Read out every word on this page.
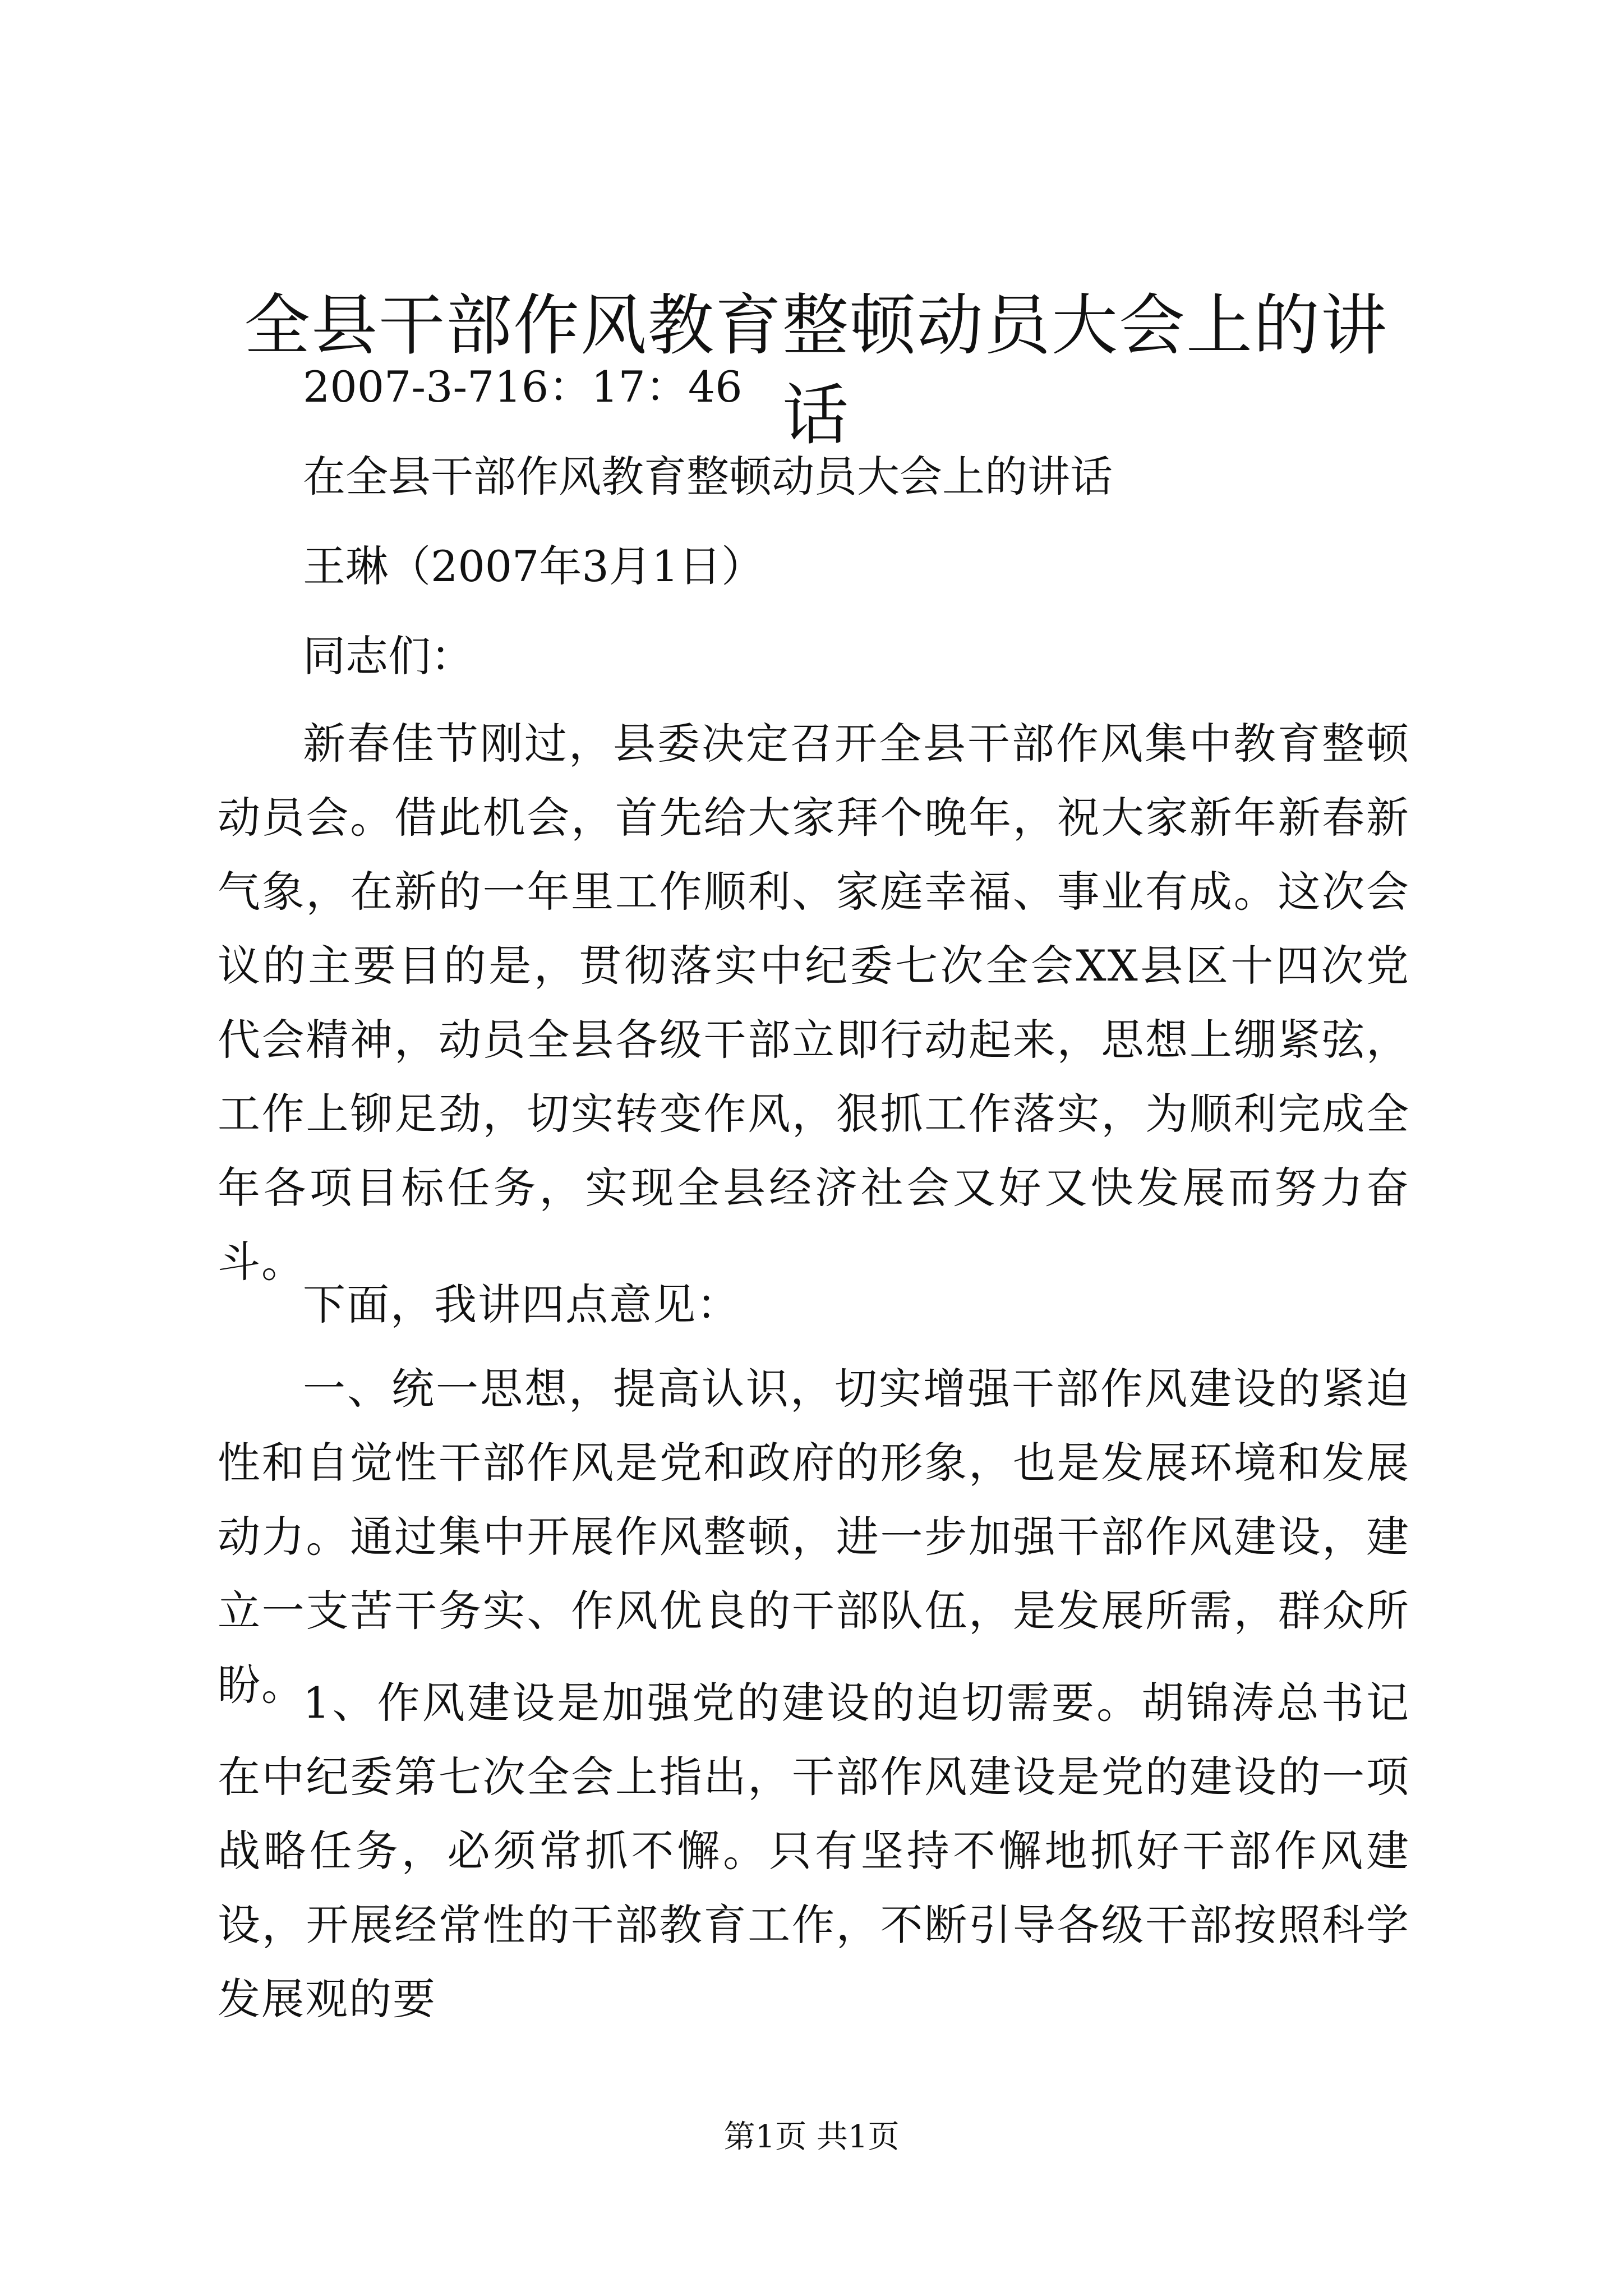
全县干部作风教育整顿动员大会上的讲话

2007-3-716：17：46

在全县干部作风教育整顿动员大会上的讲话

王琳（2007年3月1日）

同志们：

新春佳节刚过，县委决定召开全县干部作风集中教育整顿动员会。借此机会，首先给大家拜个晚年，祝大家新年新春新气象，在新的一年里工作顺利、家庭幸福、事业有成。这次会议的主要目的是，贯彻落实中纪委七次全会XX县区十四次党代会精神，动员全县各级干部立即行动起来，思想上绷紧弦，工作上铆足劲，切实转变作风，狠抓工作落实，为顺利完成全年各项目标任务，实现全县经济社会又好又快发展而努力奋斗。

下面，我讲四点意见：

一、统一思想，提高认识，切实增强干部作风建设的紧迫性和自觉性干部作风是党和政府的形象，也是发展环境和发展动力。通过集中开展作风整顿，进一步加强干部作风建设，建立一支苦干务实、作风优良的干部队伍，是发展所需，群众所盼。

1、作风建设是加强党的建设的迫切需要。胡锦涛总书记在中纪委第七次全会上指出，干部作风建设是党的建设的一项战略任务，必须常抓不懈。只有坚持不懈地抓好干部作风建设，开展经常性的干部教育工作，不断引导各级干部按照科学发展观的要

第1页 共1页
